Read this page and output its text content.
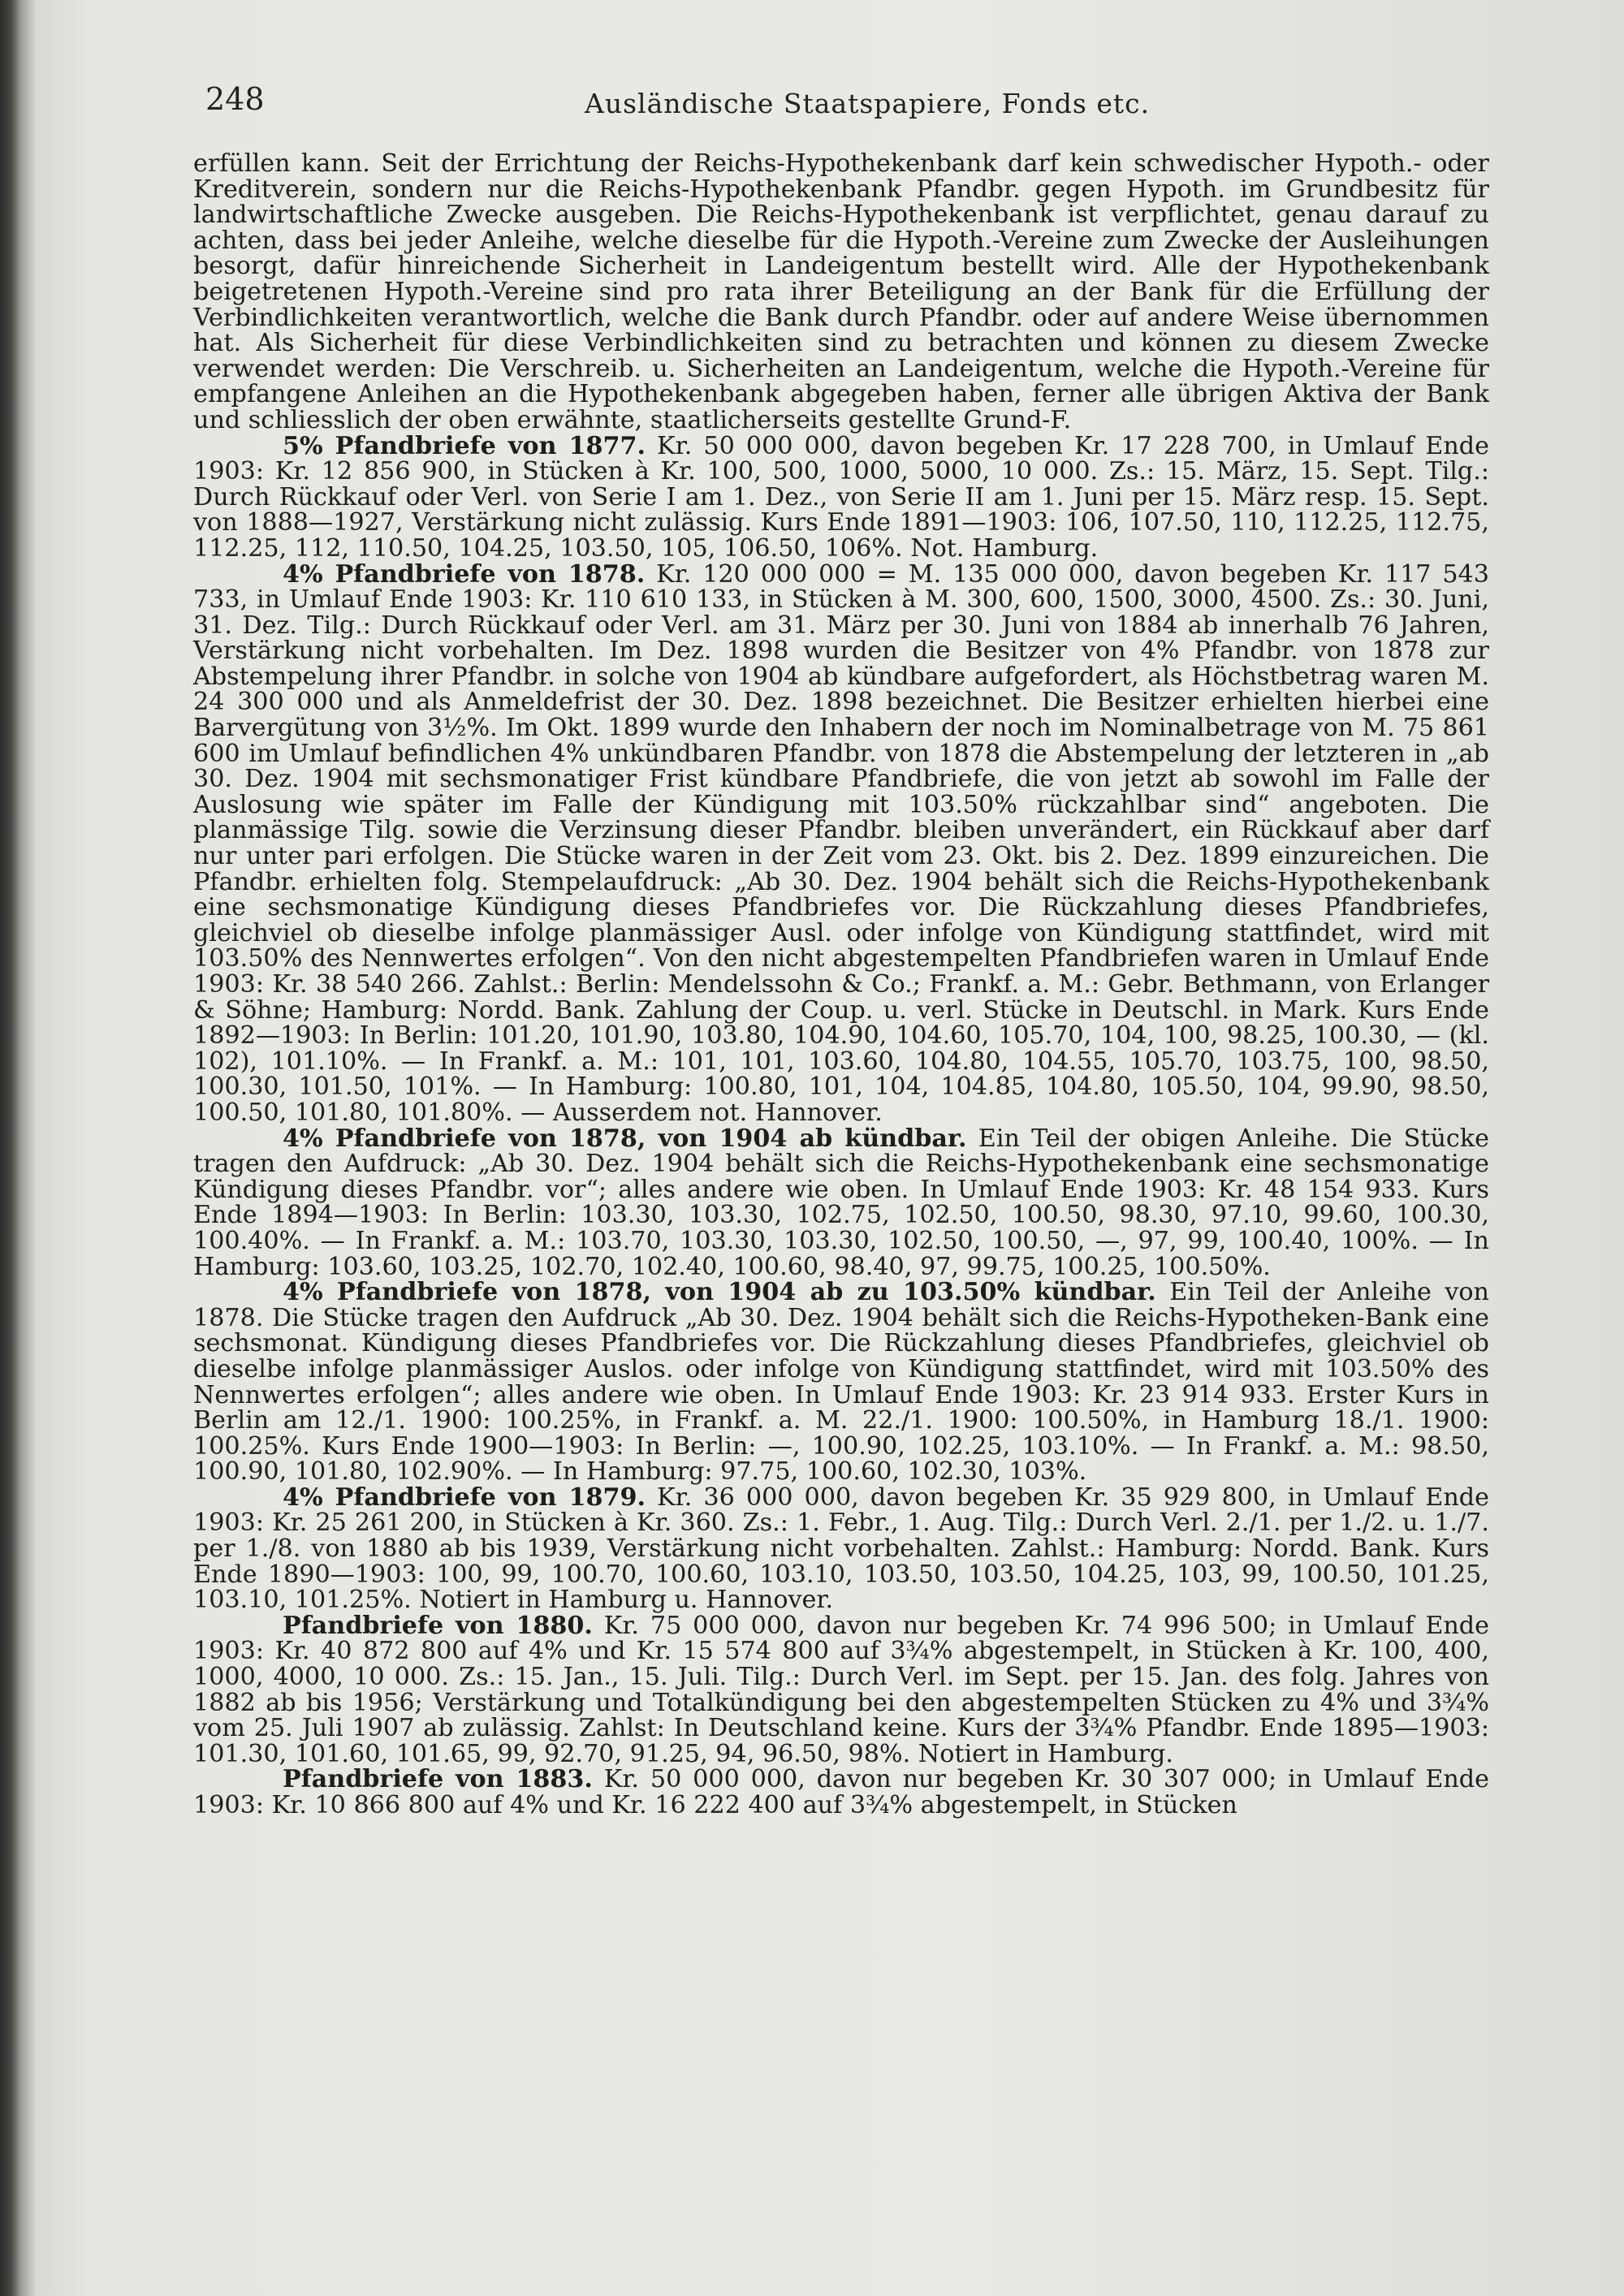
248	Ausländische Staatspapiere, Fonds etc.

erfüllen kann. Seit der Errichtung der Reichs-Hypothekenbank darf kein schwedischer Hypoth.- oder Kreditverein, sondern nur die Reichs-Hypothekenbank Pfandbr. gegen Hypoth. im Grundbesitz für landwirtschaftliche Zwecke ausgeben. Die Reichs-Hypothekenbank ist verpflichtet, genau darauf zu achten, dass bei jeder Anleihe, welche dieselbe für die Hypoth.-Vereine zum Zwecke der Ausleihungen besorgt, dafür hinreichende Sicherheit in Landeigentum bestellt wird. Alle der Hypothekenbank beigetretenen Hypoth.-Vereine sind pro rata ihrer Beteiligung an der Bank für die Erfüllung der Verbindlichkeiten verantwortlich, welche die Bank durch Pfandbr. oder auf andere Weise übernommen hat. Als Sicherheit für diese Verbindlichkeiten sind zu betrachten und können zu diesem Zwecke verwendet werden: Die Verschreib. u. Sicherheiten an Landeigentum, welche die Hypoth.-Vereine für empfangene Anleihen an die Hypothekenbank abgegeben haben, ferner alle übrigen Aktiva der Bank und schliesslich der oben erwähnte, staatlicherseits gestellte Grund-F.

5% Pfandbriefe von 1877. Kr. 50 000 000, davon begeben Kr. 17 228 700, in Umlauf Ende 1903: Kr. 12 856 900, in Stücken à Kr. 100, 500, 1000, 5000, 10 000. Zs.: 15. März, 15. Sept. Tilg.: Durch Rückkauf oder Verl. von Serie I am 1. Dez., von Serie II am 1. Juni per 15. März resp. 15. Sept. von 1888—1927, Verstärkung nicht zulässig. Kurs Ende 1891—1903: 106, 107.50, 110, 112.25, 112.75, 112.25, 112, 110.50, 104.25, 103.50, 105, 106.50, 106%. Not. Hamburg.

4% Pfandbriefe von 1878. Kr. 120 000 000 = M. 135 000 000, davon begeben Kr. 117 543 733, in Umlauf Ende 1903: Kr. 110 610 133, in Stücken à M. 300, 600, 1500, 3000, 4500. Zs.: 30. Juni, 31. Dez. Tilg.: Durch Rückkauf oder Verl. am 31. März per 30. Juni von 1884 ab innerhalb 76 Jahren, Verstärkung nicht vorbehalten. Im Dez. 1898 wurden die Besitzer von 4% Pfandbr. von 1878 zur Abstempelung ihrer Pfandbr. in solche von 1904 ab kündbare aufgefordert, als Höchstbetrag waren M. 24 300 000 und als Anmeldefrist der 30. Dez. 1898 bezeichnet. Die Besitzer erhielten hierbei eine Barvergütung von 3½%. Im Okt. 1899 wurde den Inhabern der noch im Nominalbetrage von M. 75 861 600 im Umlauf befindlichen 4% unkündbaren Pfandbr. von 1878 die Abstempelung der letzteren in „ab 30. Dez. 1904 mit sechsmonatiger Frist kündbare Pfandbriefe, die von jetzt ab sowohl im Falle der Auslosung wie später im Falle der Kündigung mit 103.50% rückzahlbar sind“ angeboten. Die planmässige Tilg. sowie die Verzinsung dieser Pfandbr. bleiben unverändert, ein Rückkauf aber darf nur unter pari erfolgen. Die Stücke waren in der Zeit vom 23. Okt. bis 2. Dez. 1899 einzureichen. Die Pfandbr. erhielten folg. Stempelaufdruck: „Ab 30. Dez. 1904 behält sich die Reichs-Hypothekenbank eine sechsmonatige Kündigung dieses Pfandbriefes vor. Die Rückzahlung dieses Pfandbriefes, gleichviel ob dieselbe infolge planmässiger Ausl. oder infolge von Kündigung stattfindet, wird mit 103.50% des Nennwertes erfolgen“. Von den nicht abgestempelten Pfandbriefen waren in Umlauf Ende 1903: Kr. 38 540 266. Zahlst.: Berlin: Mendelssohn & Co.; Frankf. a. M.: Gebr. Bethmann, von Erlanger & Söhne; Hamburg: Nordd. Bank. Zahlung der Coup. u. verl. Stücke in Deutschl. in Mark. Kurs Ende 1892—1903: In Berlin: 101.20, 101.90, 103.80, 104.90, 104.60, 105.70, 104, 100, 98.25, 100.30, — (kl. 102), 101.10%. — In Frankf. a. M.: 101, 101, 103.60, 104.80, 104.55, 105.70, 103.75, 100, 98.50, 100.30, 101.50, 101%. — In Hamburg: 100.80, 101, 104, 104.85, 104.80, 105.50, 104, 99.90, 98.50, 100.50, 101.80, 101.80%. — Ausserdem not. Hannover.

4% Pfandbriefe von 1878, von 1904 ab kündbar. Ein Teil der obigen Anleihe. Die Stücke tragen den Aufdruck: „Ab 30. Dez. 1904 behält sich die Reichs-Hypothekenbank eine sechsmonatige Kündigung dieses Pfandbr. vor“; alles andere wie oben. In Umlauf Ende 1903: Kr. 48 154 933. Kurs Ende 1894—1903: In Berlin: 103.30, 103.30, 102.75, 102.50, 100.50, 98.30, 97.10, 99.60, 100.30, 100.40%. — In Frankf. a. M.: 103.70, 103.30, 103.30, 102.50, 100.50, —, 97, 99, 100.40, 100%. — In Hamburg: 103.60, 103.25, 102.70, 102.40, 100.60, 98.40, 97, 99.75, 100.25, 100.50%.

4% Pfandbriefe von 1878, von 1904 ab zu 103.50% kündbar. Ein Teil der Anleihe von 1878. Die Stücke tragen den Aufdruck „Ab 30. Dez. 1904 behält sich die Reichs-Hypotheken-Bank eine sechsmonat. Kündigung dieses Pfandbriefes vor. Die Rückzahlung dieses Pfandbriefes, gleichviel ob dieselbe infolge planmässiger Auslos. oder infolge von Kündigung stattfindet, wird mit 103.50% des Nennwertes erfolgen“; alles andere wie oben. In Umlauf Ende 1903: Kr. 23 914 933. Erster Kurs in Berlin am 12./1. 1900: 100.25%, in Frankf. a. M. 22./1. 1900: 100.50%, in Hamburg 18./1. 1900: 100.25%. Kurs Ende 1900—1903: In Berlin: —, 100.90, 102.25, 103.10%. — In Frankf. a. M.: 98.50, 100.90, 101.80, 102.90%. — In Hamburg: 97.75, 100.60, 102.30, 103%.

4% Pfandbriefe von 1879. Kr. 36 000 000, davon begeben Kr. 35 929 800, in Umlauf Ende 1903: Kr. 25 261 200, in Stücken à Kr. 360. Zs.: 1. Febr., 1. Aug. Tilg.: Durch Verl. 2./1. per 1./2. u. 1./7. per 1./8. von 1880 ab bis 1939, Verstärkung nicht vorbehalten. Zahlst.: Hamburg: Nordd. Bank. Kurs Ende 1890—1903: 100, 99, 100.70, 100.60, 103.10, 103.50, 103.50, 104.25, 103, 99, 100.50, 101.25, 103.10, 101.25%. Notiert in Hamburg u. Hannover.

Pfandbriefe von 1880. Kr. 75 000 000, davon nur begeben Kr. 74 996 500; in Umlauf Ende 1903: Kr. 40 872 800 auf 4% und Kr. 15 574 800 auf 3¾% abgestempelt, in Stücken à Kr. 100, 400, 1000, 4000, 10 000. Zs.: 15. Jan., 15. Juli. Tilg.: Durch Verl. im Sept. per 15. Jan. des folg. Jahres von 1882 ab bis 1956; Verstärkung und Totalkündigung bei den abgestempelten Stücken zu 4% und 3¾% vom 25. Juli 1907 ab zulässig. Zahlst: In Deutschland keine. Kurs der 3¾% Pfandbr. Ende 1895—1903: 101.30, 101.60, 101.65, 99, 92.70, 91.25, 94, 96.50, 98%. Notiert in Hamburg.

Pfandbriefe von 1883. Kr. 50 000 000, davon nur begeben Kr. 30 307 000; in Umlauf Ende 1903: Kr. 10 866 800 auf 4% und Kr. 16 222 400 auf 3¾% abgestempelt, in Stücken
